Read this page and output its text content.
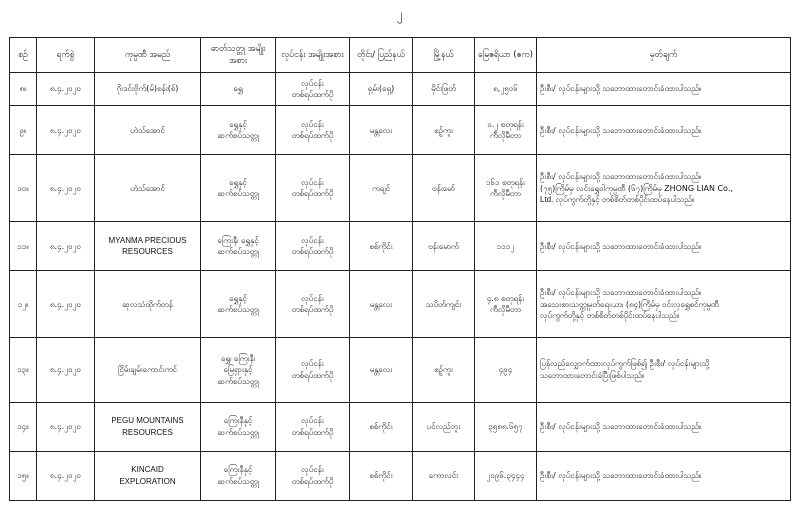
၂
စဉ်	ရက်စွဲ	ကုမ္ပဏီ အမည်	ဓာတ်သတ္တု အမျိုးအစား	လုပ်ငန်း အမျိုးအစား	တိုင်း/ ပြည်နယ်	မြို့နယ်	မြေဧရိယာ (ဧက)	မှတ်ချက်
၈။	၈.၄.၂၀၂၀	ဂိုးဒင်းဗိုက်(မ်)စန်း(စ်)	ရွှေ	လုပ်ငန်း
တစ်ရပ်ထက်ပို	ရှမ်း(ရှေ့)	မိုင်းဖြတ်	၈,၂၅၀၆	ဦးစီး/ လုပ်ငန်းများသို့ သဘောထားတောင်းခံထားပါသည်။

၉။	၈.၄.၂၀၂၀	ဟဲသ်အောင်	ရွှေနှင့်
ဆက်စပ်သတ္တု	လုပ်ငန်း
တစ်ရပ်ထက်ပို	မန္တလေး	စဉ့်ကူး	၀.၂ စတုရန်း
ကီလိုမီတာ	ဦးစီး/ လုပ်ငန်းများသို့ သဘောထားတောင်းခံထားပါသည်။

၁၀။	၈.၄.၂၀၂၀	ဟဲသ်အောင်	ရွှေနှင့်
ဆက်စပ်သတ္တု	လုပ်ငန်း
တစ်ရပ်ထက်ပို	ကချင်	ဗန်းမော်	၁၆၁ စတုရန်း
ကီလိုမီတာ	ဦးစီး/ လုပ်ငန်းများသို့ သဘောထားတောင်းခံထားပါသည်။
(၇၅)ကြိမ်မှ လင်းရွှေဝါကုမ္ပဏီ (၆၇)ကြိမ်မှ ZHONG LIAN Co.,
Ltd. လုပ်ကွက်တို့နှင့် တစ်စိတ်တစ်ပိုင်းထပ်နေပါသည်။

၁၁။	၈.၄.၂၀၂၀	MYANMA PRECIOUS
RESOURCES	ကြေးနီ၊ ရွှေနှင့်
ဆက်စပ်သတ္တု	လုပ်ငန်း
တစ်ရပ်ထက်ပို	စစ်ကိုင်း	ဗန်းမောက်	၁၁၁၂	ဦးစီး/ လုပ်ငန်းများသို့ သဘောထားတောင်းခံထားပါသည်။

၁၂။	၈.၄.၂၀၂၀	ဆုလသံထိုက်တန်	ရွှေနှင့်
ဆက်စပ်သတ္တု	လုပ်ငန်း
တစ်ရပ်ထက်ပို	မန္တလေး	သပိတ်ကျင်း	၄.၈ စတုရန်း
ကီလိုမီတာ	ဦးစီး/ လုပ်ငန်းများသို့ သဘောထားတောင်းခံထားပါသည်။
အသေးစားသတ္တုမှတ်ရေးယာ၊ (၈၄)ကြိမ်မှ ဝင်းလှရွှေစင်ကုမ္ပဏီ
လုပ်ကွက်တို့နှင့် တစ်စိတ်တစ်ပိုင်းထပ်နေပါသည်။

၁၃။	၈.၄.၂၀၂၀	ငြိမ်းချမ်းကောင်းကင်	ရွှေ၊ ကြေးနီ၊
မြေရှားနှင့်
ဆက်စပ်သတ္တု	လုပ်ငန်း
တစ်ရပ်ထက်ပို	မန္တလေး	စဉ့်ကူး	၄၉၄	ပြန်လည်လျှောက်ထားလုပ်ကွက်ဖြစ်၍ ဦးစီး/ လုပ်ငန်းများသို့
သဘောထားတောင်းခံပြီးဖြစ်ပါသည်။

၁၄။	၈.၄.၂၀၂၀	PEGU MOUNTAINS
RESOURCES	ကြေးနီနှင့်
ဆက်စပ်သတ္တု	လုပ်ငန်း
တစ်ရပ်ထက်ပို	စစ်ကိုင်း	ပင်လည်ဘူး	၃၅၈၈.၆၅၇	ဦးစီး/ လုပ်ငန်းများသို့ သဘောထားတောင်းခံထားပါသည်။

၁၅။	၈.၄.၂၀၂၀	KINCAID
EXPLORATION	ကြေးနီနှင့်
ဆက်စပ်သတ္တု	လုပ်ငန်း
တစ်ရပ်ထက်ပို	စစ်ကိုင်း	ကောလင်း	၂၀၉၆.၃၄၄၄	ဦးစီး/ လုပ်ငန်းများသို့ သဘောထားတောင်းခံထားပါသည်။
